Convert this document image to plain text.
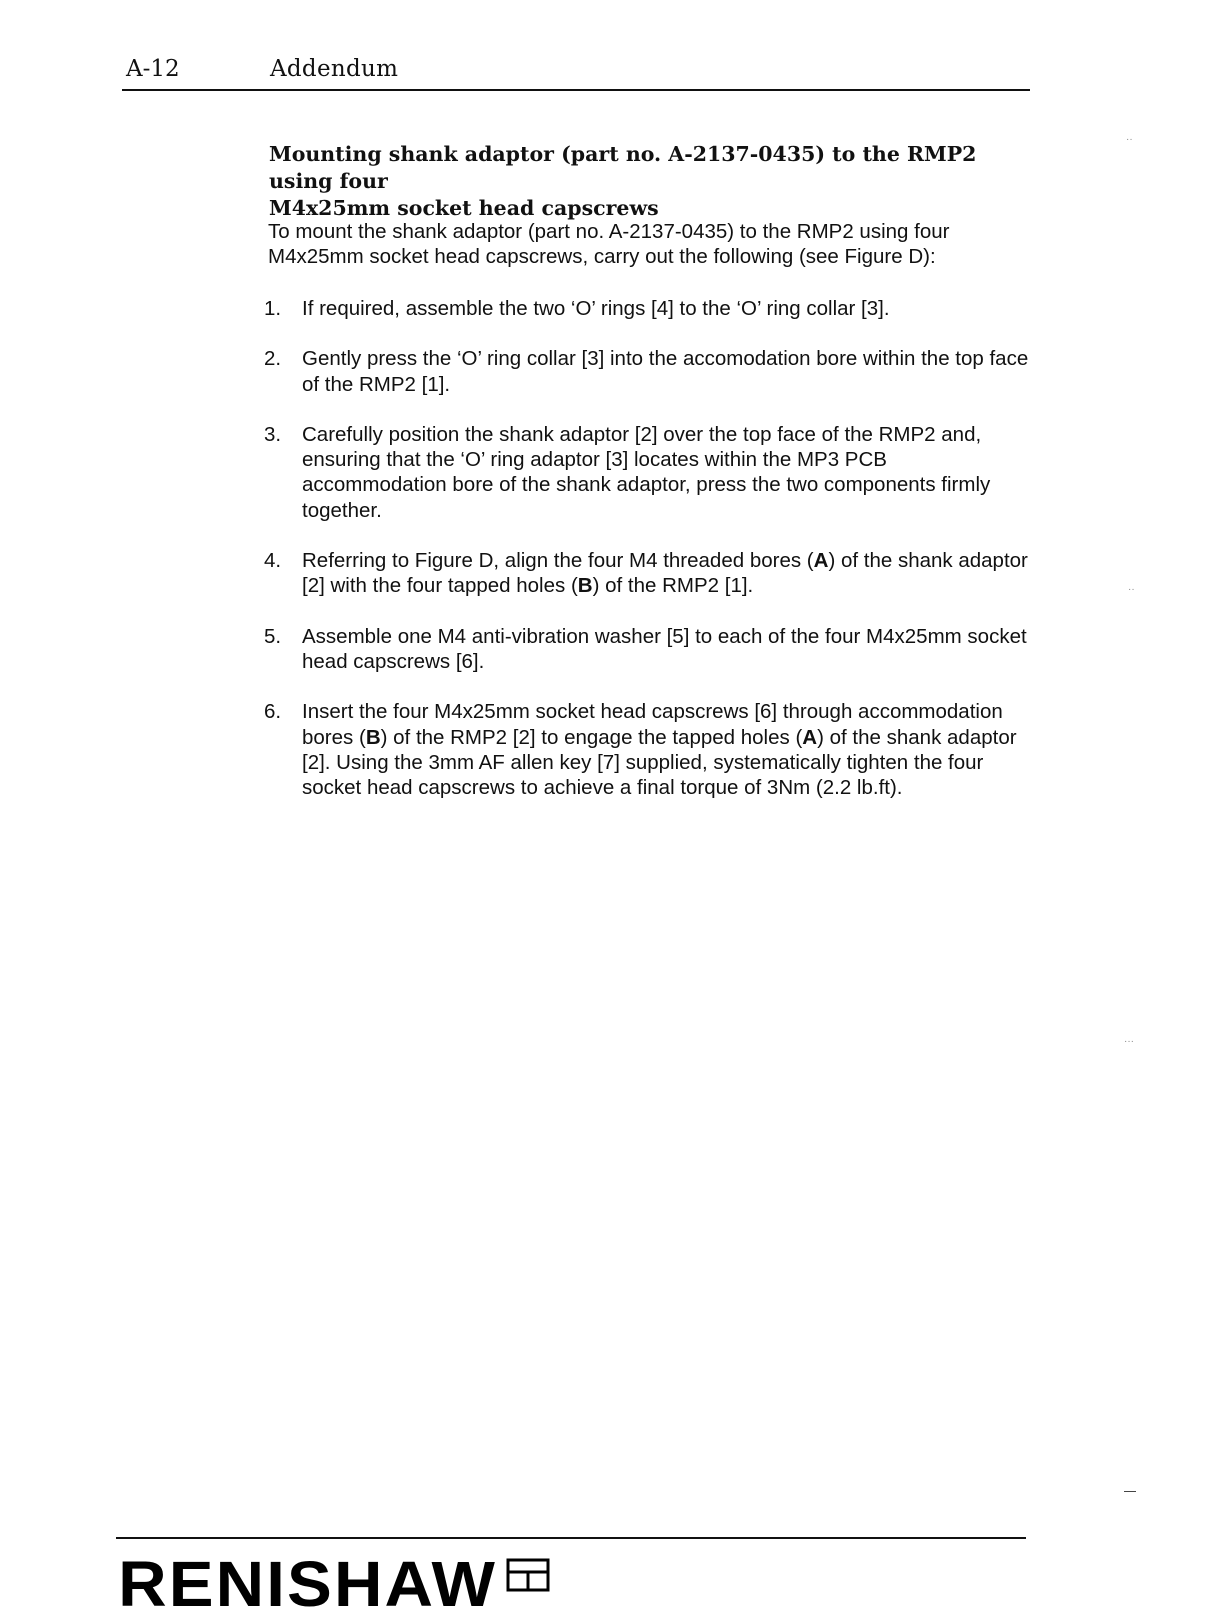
A-12	Addendum
Mounting shank adaptor (part no. A-2137-0435) to the RMP2 using four
M4x25mm socket head capscrews
To mount the shank adaptor (part no. A-2137-0435) to the RMP2 using four M4x25mm socket head capscrews, carry out the following (see Figure D):
1.	If required, assemble the two ‘O’ rings [4] to the ‘O’ ring collar [3].
2.	Gently press the ‘O’ ring collar [3] into the accomodation bore within the top face of the RMP2 [1].
3.	Carefully position the shank adaptor [2] over the top face of the RMP2 and, ensuring that the ‘O’ ring adaptor [3] locates within the MP3 PCB accommodation bore of the shank adaptor, press the two components firmly together.
4.	Referring to Figure D, align the four M4 threaded bores (A) of the shank adaptor [2] with the four tapped holes (B) of the RMP2 [1].
5.	Assemble one M4 anti-vibration washer [5] to each of the four M4x25mm socket head capscrews [6].
6.	Insert the four M4x25mm socket head capscrews [6] through accommodation bores (B) of the RMP2 [2] to engage the tapped holes (A) of the shank adaptor [2]. Using the 3mm AF allen key [7] supplied, systematically tighten the four socket head capscrews to achieve a final torque of 3Nm (2.2 lb.ft).
··
··
···
RENISHAW
